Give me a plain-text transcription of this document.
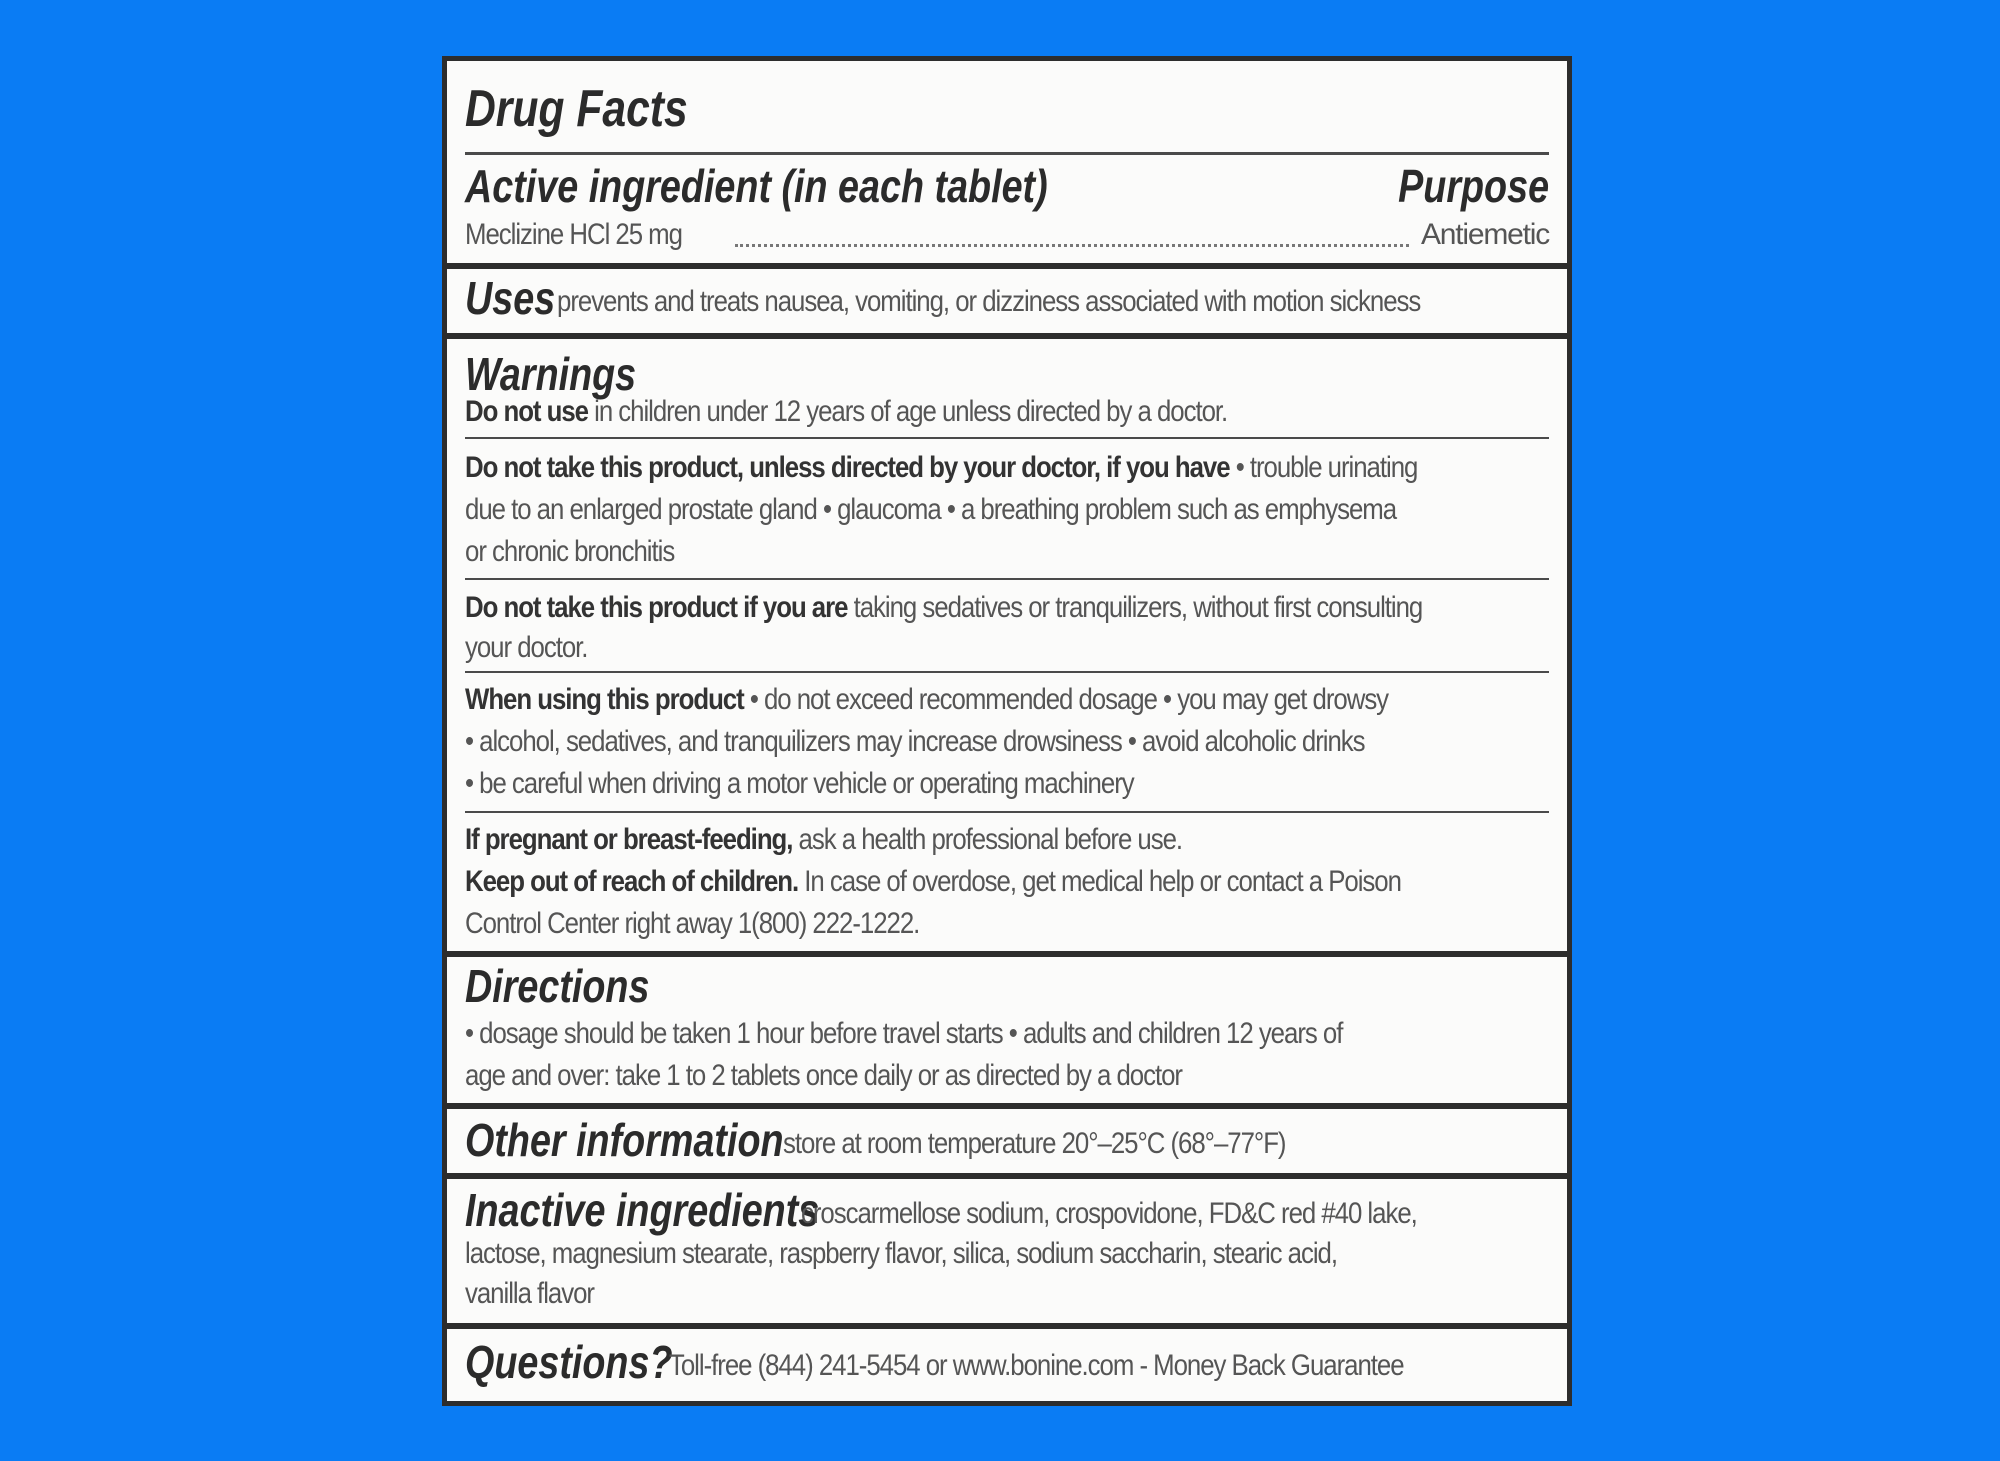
Drug Facts
Active ingredient (in each tablet)	Purpose
Meclizine HCl 25 mg	Antiemetic
Uses prevents and treats nausea, vomiting, or dizziness associated with motion sickness
Warnings
Do not use in children under 12 years of age unless directed by a doctor.
Do not take this product, unless directed by your doctor, if you have • trouble urinating
due to an enlarged prostate gland • glaucoma • a breathing problem such as emphysema
or chronic bronchitis
Do not take this product if you are taking sedatives or tranquilizers, without first consulting
your doctor.
When using this product • do not exceed recommended dosage • you may get drowsy
• alcohol, sedatives, and tranquilizers may increase drowsiness • avoid alcoholic drinks
• be careful when driving a motor vehicle or operating machinery
If pregnant or breast-feeding, ask a health professional before use.
Keep out of reach of children. In case of overdose, get medical help or contact a Poison
Control Center right away 1(800) 222-1222.
Directions
• dosage should be taken 1 hour before travel starts • adults and children 12 years of
age and over: take 1 to 2 tablets once daily or as directed by a doctor
Other information store at room temperature 20°–25°C (68°–77°F)
Inactive ingredients
croscarmellose sodium, crospovidone, FD&C red #40 lake,
lactose, magnesium stearate, raspberry flavor, silica, sodium saccharin, stearic acid,
vanilla flavor
Questions?
Toll-free (844) 241-5454 or www.bonine.com - Money Back Guarantee
